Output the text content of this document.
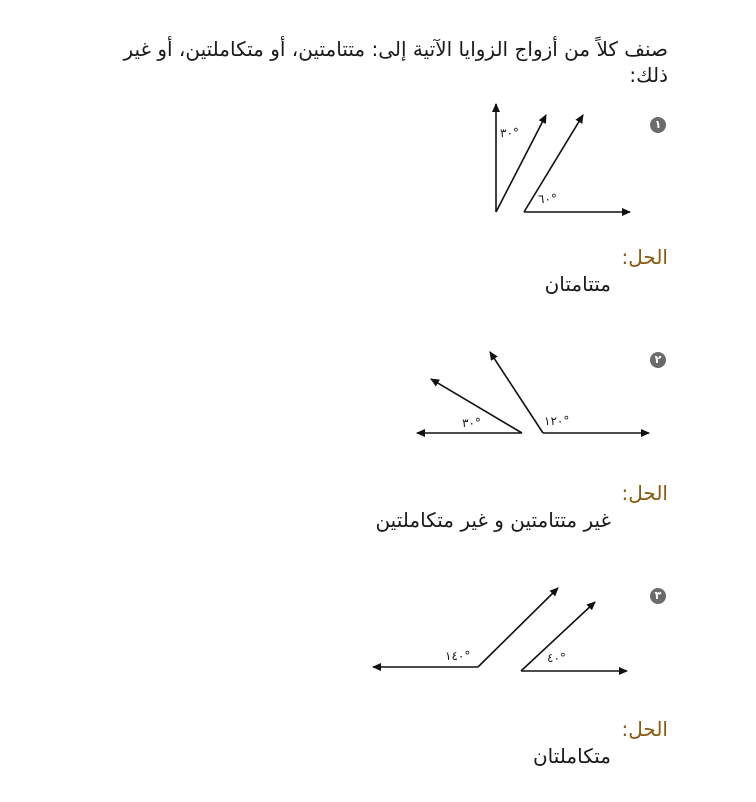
صنف كلاً من أزواج الزوايا الآتية إلى: متتامتين، أو متكاملتين، أو غير ذلك:
١
٣٠°
٦٠°
الحل:
متتامتان
٢
٣٠°	١٢٠°
الحل:
غير متتامتين و غير متكاملتين
٣
١٤٠°	٤٠°
الحل:
متكاملتان
